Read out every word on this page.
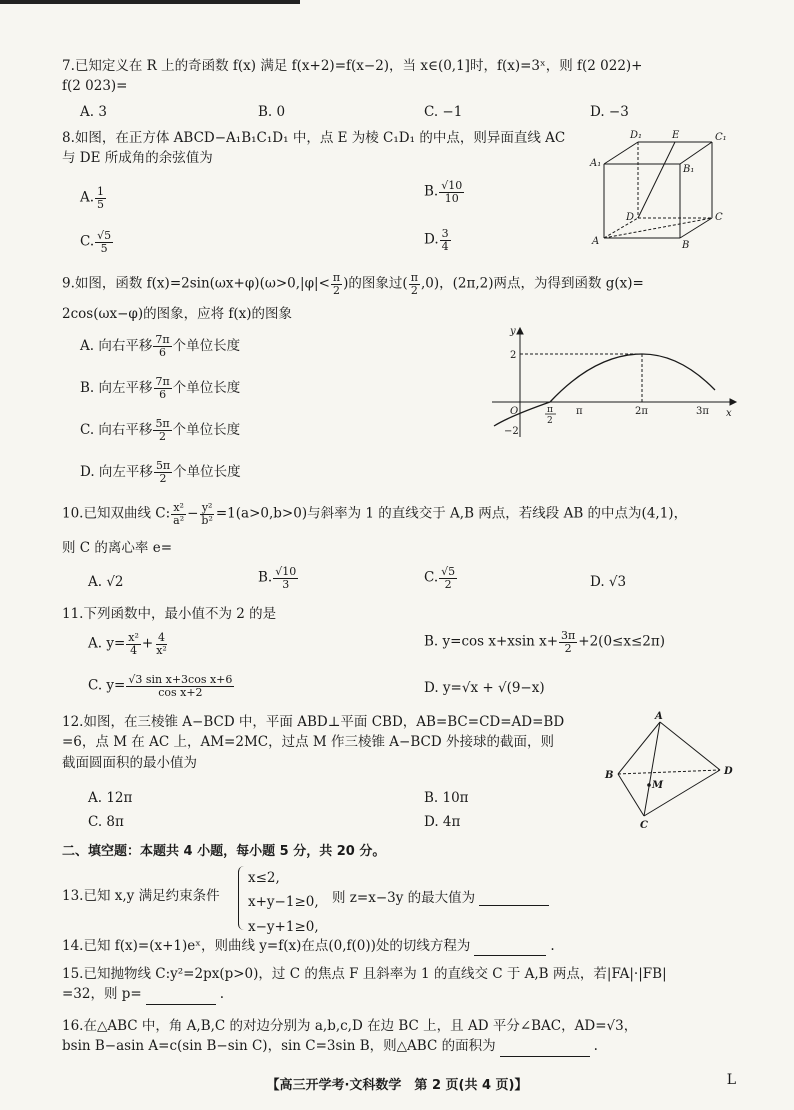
7.已知定义在 R 上的奇函数 f(x) 满足 f(x+2)=f(x−2)，当 x∈(0,1]时，f(x)=3ˣ，则 f(2 022)+
f(2 023)=
A. 3	B. 0	C. −1	D. −3
8.如图，在正方体 ABCD−A₁B₁C₁D₁ 中，点 E 为棱 C₁D₁ 的中点，则异面直线 AC
与 DE 所成角的余弦值为
A. $\frac{1}{5}$	B. $\frac{√10}{10}$
C. $\frac{√5}{5}$	D. $\frac{3}{4}$
D₁	E	C₁
A₁
B₁
D	C
A	B
9.如图，函数 $f(x)=2\sin(\omega x+\varphi)(\omega>0,|\varphi|< \frac{\pi}{2}$ )的图象过( $\frac{\pi}{2} ,0$)，(2π,2)两点，为得到函数 g(x)=
2cos(ωx−φ)的图象，应将 f(x)的图象
A. 向右平移 $\frac{7\pi}{6}$ 个单位长度
B. 向左平移 $\frac{7\pi}{6}$ 个单位长度
C. 向右平移 $\frac{5\pi}{2}$ 个单位长度
D. 向左平移 $\frac{5\pi}{2}$ 个单位长度
y
x
O
2
−2
π
2
π	2π	3π
10.已知双曲线 C: $\frac{\text{x²}}{\text{a²}} - \frac{\text{y²}}{\text{b²}} =1(a>0,b>0)$与斜率为 1 的直线交于 A,B 两点，若线段 AB 的中点为(4,1)，
则 C 的离心率 e=
A. √2	B. $\frac{√10}{3}$	C. $\frac{√5}{2}$	D. √3
11.下列函数中，最小值不为 2 的是
A. $y= \frac{\text{x²}}{4} + \frac{4}{\text{x²}}$	B. y=cos x+xsin $x+ \frac{3\pi}{2} +2(0\le x\le 2\pi)$
C. $y= \frac{\text{√3 sin x+3cos x+6}}{\text{cos x+2}}$	D. y=√x + √(9−x)
12.如图，在三棱锥 A−BCD 中，平面 ABD⊥平面 CBD，AB=BC=CD=AD=BD
=6，点 M 在 AC 上，AM=2MC，过点 M 作三棱锥 A−BCD 外接球的截面，则
截面圆面积的最小值为
A. 12π	B. 10π
C. 8π	D. 4π
A
B
C
D
M
二、填空题：本题共 4 小题，每小题 5 分，共 20 分。
13.已知 x,y 满足约束条件
x≤2,
x+y−1≥0,
x−y+1≥0,
则 z=x−3y 的最大值为
14.已知 f(x)=(x+1)eˣ，则曲线 y=f(x)在点(0,f(0))处的切线方程为	.
15.已知抛物线 C:y²=2px(p>0)，过 C 的焦点 F 且斜率为 1 的直线交 C 于 A,B 两点，若|FA|·|FB|
=32，则 p=	.
16.在△ABC 中，角 A,B,C 的对边分别为 a,b,c,D 在边 BC 上，且 AD 平分∠BAC，AD=√3，
bsin B−asin A=c(sin B−sin C)，sin C=3sin B，则△ABC 的面积为	.
【高三开学考·文科数学　第 2 页(共 4 页)】	L
